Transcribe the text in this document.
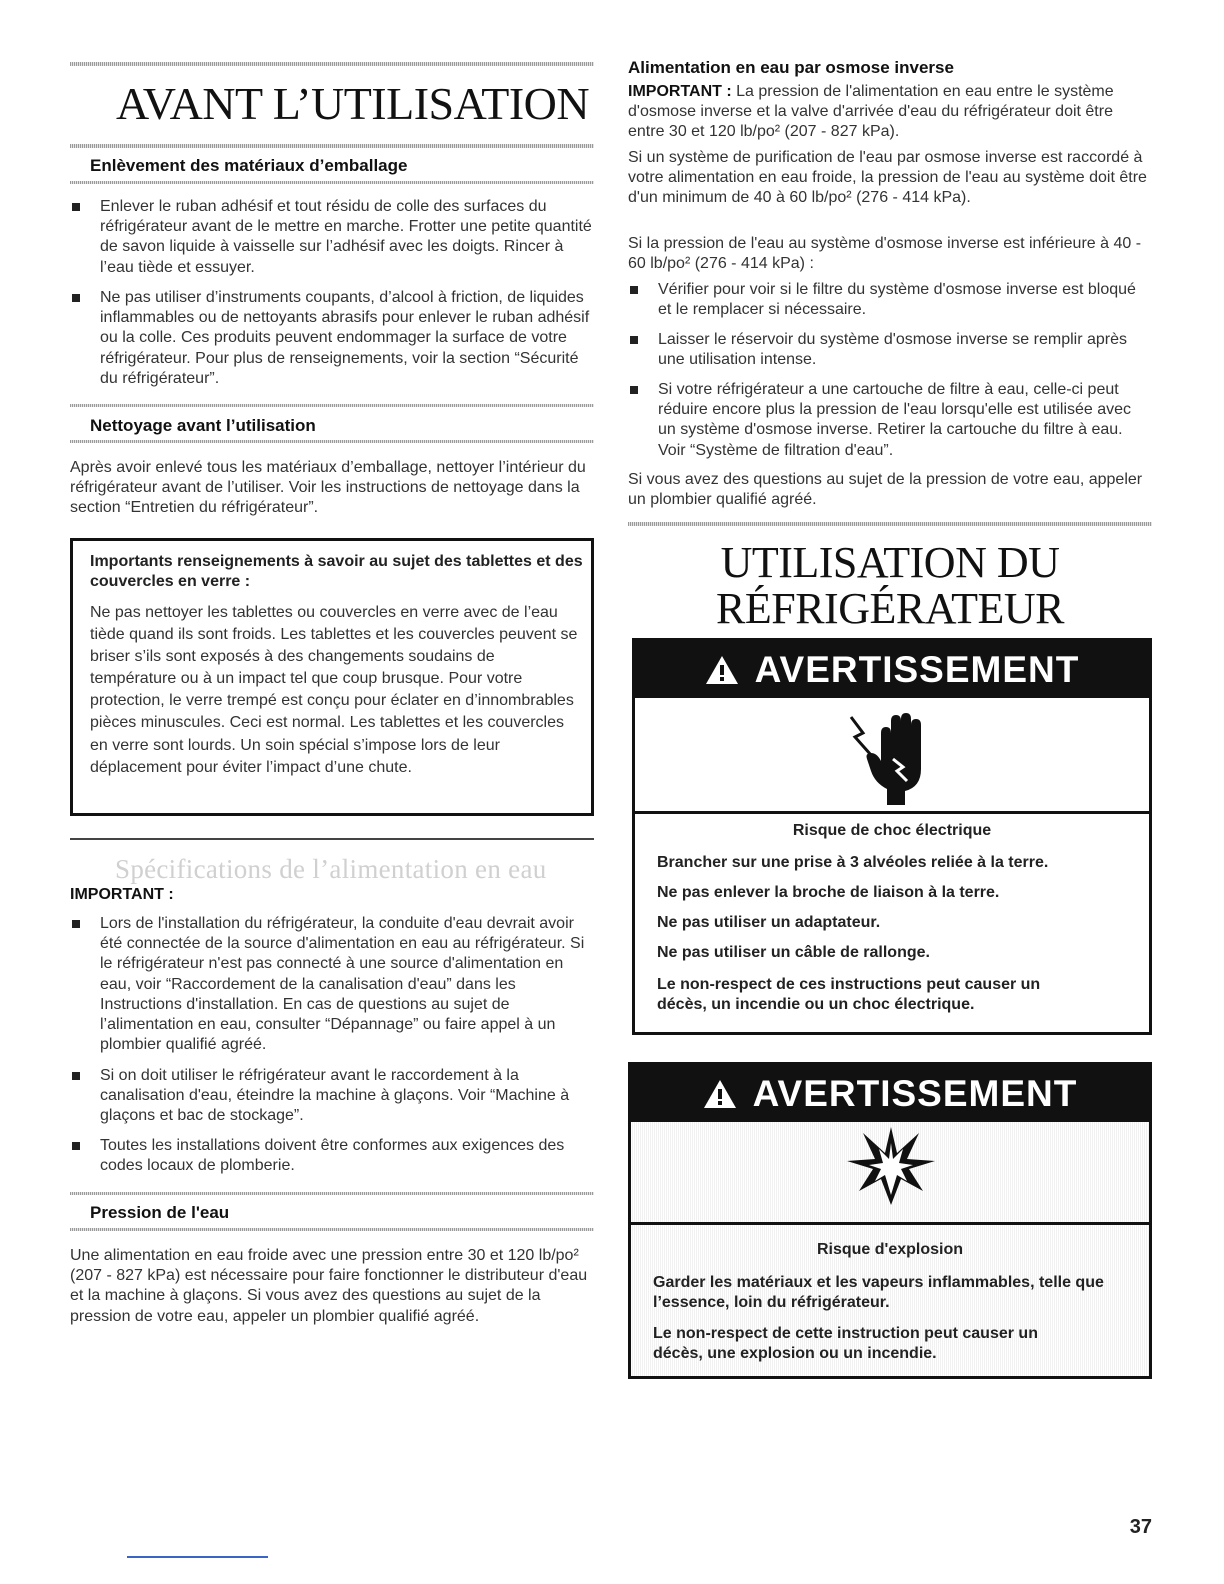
AVANT L’UTILISATION
Enlèvement des matériaux d’emballage
Enlever le ruban adhésif et tout résidu de colle des surfaces du réfrigérateur avant de le mettre en marche. Frotter une petite quantité de savon liquide à vaisselle sur l’adhésif avec les doigts. Rincer à l’eau tiède et essuyer.
Ne pas utiliser d’instruments coupants, d’alcool à friction, de liquides inflammables ou de nettoyants abrasifs pour enlever le ruban adhésif ou la colle. Ces produits peuvent endommager la surface de votre réfrigérateur. Pour plus de renseignements, voir la section “Sécurité du réfrigérateur”.
Nettoyage avant l’utilisation
Après avoir enlevé tous les matériaux d’emballage, nettoyer l’intérieur du réfrigérateur avant de l’utiliser. Voir les instructions de nettoyage dans la section “Entretien du réfrigérateur”.
Importants renseignements à savoir au sujet des tablettes et des couvercles en verre :
Ne pas nettoyer les tablettes ou couvercles en verre avec de l’eau tiède quand ils sont froids. Les tablettes et les couvercles peuvent se briser s’ils sont exposés à des changements soudains de température ou à un impact tel que coup brusque. Pour votre protection, le verre trempé est conçu pour éclater en d’innombrables pièces minuscules. Ceci est normal. Les tablettes et les couvercles en verre sont lourds. Un soin spécial s’impose lors de leur déplacement pour éviter l’impact d’une chute.
Spécifications de l’alimentation en eau
IMPORTANT :
Lors de l'installation du réfrigérateur, la conduite d'eau devrait avoir été connectée de la source d'alimentation en eau au réfrigérateur. Si le réfrigérateur n'est pas connecté à une source d'alimentation en eau, voir “Raccordement de la canalisation d'eau” dans les Instructions d'installation. En cas de questions au sujet de l’alimentation en eau, consulter “Dépannage” ou faire appel à un plombier qualifié agréé.
Si on doit utiliser le réfrigérateur avant le raccordement à la canalisation d'eau, éteindre la machine à glaçons. Voir “Machine à glaçons et bac de stockage”.
Toutes les installations doivent être conformes aux exigences des codes locaux de plomberie.
Pression de l'eau
Une alimentation en eau froide avec une pression entre 30 et 120 lb/po² (207 - 827 kPa) est nécessaire pour faire fonctionner le distributeur d'eau et la machine à glaçons. Si vous avez des questions au sujet de la pression de votre eau, appeler un plombier qualifié agréé.
Alimentation en eau par osmose inverse
IMPORTANT : La pression de l'alimentation en eau entre le système d'osmose inverse et la valve d'arrivée d'eau du réfrigérateur doit être entre 30 et 120 lb/po² (207 - 827 kPa).
Si un système de purification de l'eau par osmose inverse est raccordé à votre alimentation en eau froide, la pression de l'eau au système doit être d'un minimum de 40 à 60 lb/po² (276 - 414 kPa).
Si la pression de l'eau au système d'osmose inverse est inférieure à 40 - 60 lb/po² (276 - 414 kPa) :
Vérifier pour voir si le filtre du système d'osmose inverse est bloqué et le remplacer si nécessaire.
Laisser le réservoir du système d'osmose inverse se remplir après une utilisation intense.
Si votre réfrigérateur a une cartouche de filtre à eau, celle-ci peut réduire encore plus la pression de l'eau lorsqu'elle est utilisée avec un système d'osmose inverse. Retirer la cartouche du filtre à eau. Voir “Système de filtration d'eau”.
Si vous avez des questions au sujet de la pression de votre eau, appeler un plombier qualifié agréé.
UTILISATION DU
RÉFRIGÉRATEUR
AVERTISSEMENT
Risque de choc électrique
Brancher sur une prise à 3 alvéoles reliée à la terre.
Ne pas enlever la broche de liaison à la terre.
Ne pas utiliser un adaptateur.
Ne pas utiliser un câble de rallonge.
Le non-respect de ces instructions peut causer un décès, un incendie ou un choc électrique.
AVERTISSEMENT
Risque d'explosion
Garder les matériaux et les vapeurs inflammables, telle que l’essence, loin du réfrigérateur.
Le non-respect de cette instruction peut causer un décès, une explosion ou un incendie.
37
